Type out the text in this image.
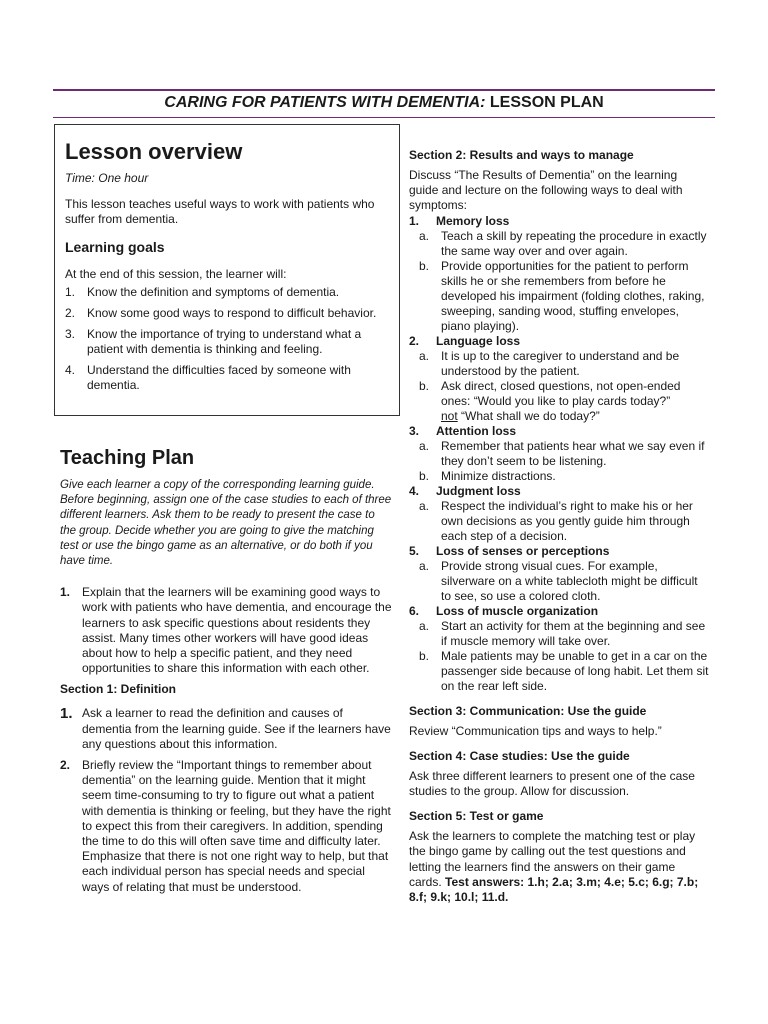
CARING FOR PATIENTS WITH DEMENTIA: LESSON PLAN
Lesson overview
Time: One hour
This lesson teaches useful ways to work with patients who suffer from dementia.
Learning goals
At the end of this session, the learner will:
1. Know the definition and symptoms of dementia.
2. Know some good ways to respond to difficult behavior.
3. Know the importance of trying to understand what a patient with dementia is thinking and feeling.
4. Understand the difficulties faced by someone with dementia.
Teaching Plan
Give each learner a copy of the corresponding learning guide. Before beginning, assign one of the case studies to each of three different learners. Ask them to be ready to present the case to the group. Decide whether you are going to give the matching test or use the bingo game as an alternative, or do both if you have time.
1. Explain that the learners will be examining good ways to work with patients who have dementia, and encourage the learners to ask specific questions about residents they assist. Many times other workers will have good ideas about how to help a specific patient, and they need opportunities to share this information with each other.
Section 1: Definition
1. Ask a learner to read the definition and causes of dementia from the learning guide. See if the learners have any questions about this information.
2. Briefly review the “Important things to remember about dementia” on the learning guide. Mention that it might seem time-consuming to try to figure out what a patient with dementia is thinking or feeling, but they have the right to expect this from their caregivers. In addition, spending the time to do this will often save time and difficulty later. Emphasize that there is not one right way to help, but that each individual person has special needs and special ways of relating that must be understood.
Section 2: Results and ways to manage
Discuss “The Results of Dementia” on the learning guide and lecture on the following ways to deal with symptoms:
1.	Memory loss
a. Teach a skill by repeating the procedure in exactly the same way over and over again.
b. Provide opportunities for the patient to perform skills he or she remembers from before he developed his impairment (folding clothes, raking, sweeping, sanding wood, stuffing envelopes, piano playing).
2.	Language loss
a. It is up to the caregiver to understand and be understood by the patient.
b. Ask direct, closed questions, not open-ended ones: “Would you like to play cards today?”
not “What shall we do today?”
3.	Attention loss
a. Remember that patients hear what we say even if they don’t seem to be listening.
b. Minimize distractions.
4.	Judgment loss
a. Respect the individual’s right to make his or her own decisions as you gently guide him through each step of a decision.
5.	Loss of senses or perceptions
a. Provide strong visual cues. For example, silverware on a white tablecloth might be difficult to see, so use a colored cloth.
6.	Loss of muscle organization
a. Start an activity for them at the beginning and see if muscle memory will take over.
b. Male patients may be unable to get in a car on the passenger side because of long habit. Let them sit on the rear left side.
Section 3: Communication: Use the guide
Review “Communication tips and ways to help.”
Section 4: Case studies: Use the guide
Ask three different learners to present one of the case studies to the group. Allow for discussion.
Section 5: Test or game
Ask the learners to complete the matching test or play the bingo game by calling out the test questions and letting the learners find the answers on their game cards. Test answers: 1.h; 2.a; 3.m; 4.e; 5.c; 6.g; 7.b; 8.f; 9.k; 10.l; 11.d.
